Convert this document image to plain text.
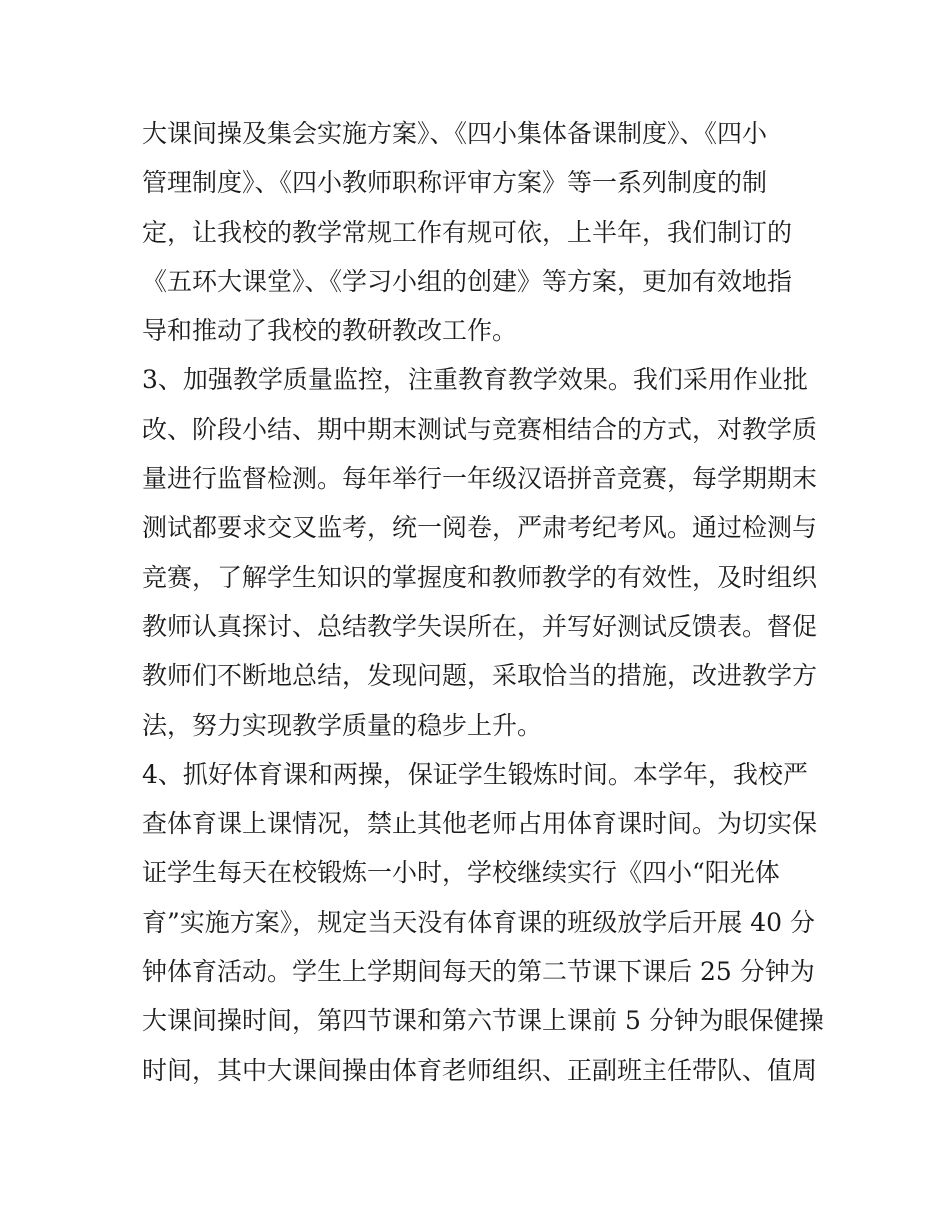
大课间操及集会实施方案》、《四小集体备课制度》、《四小
管理制度》、《四小教师职称评审方案》等一系列制度的制
定，让我校的教学常规工作有规可依，上半年，我们制订的
《五环大课堂》、《学习小组的创建》等方案，更加有效地指
导和推动了我校的教研教改工作。
3、加强教学质量监控，注重教育教学效果。我们采用作业批
改、阶段小结、期中期末测试与竞赛相结合的方式，对教学质
量进行监督检测。每年举行一年级汉语拼音竞赛，每学期期末
测试都要求交叉监考，统一阅卷，严肃考纪考风。通过检测与
竞赛，了解学生知识的掌握度和教师教学的有效性，及时组织
教师认真探讨、总结教学失误所在，并写好测试反馈表。督促
教师们不断地总结，发现问题，采取恰当的措施，改进教学方
法，努力实现教学质量的稳步上升。
4、抓好体育课和两操，保证学生锻炼时间。本学年，我校严
查体育课上课情况，禁止其他老师占用体育课时间。为切实保
证学生每天在校锻炼一小时，学校继续实行《四小“阳光体
育”实施方案》，规定当天没有体育课的班级放学后开展 40 分
钟体育活动。学生上学期间每天的第二节课下课后 25 分钟为
大课间操时间，第四节课和第六节课上课前 5 分钟为眼保健操
时间，其中大课间操由体育老师组织、正副班主任带队、值周
